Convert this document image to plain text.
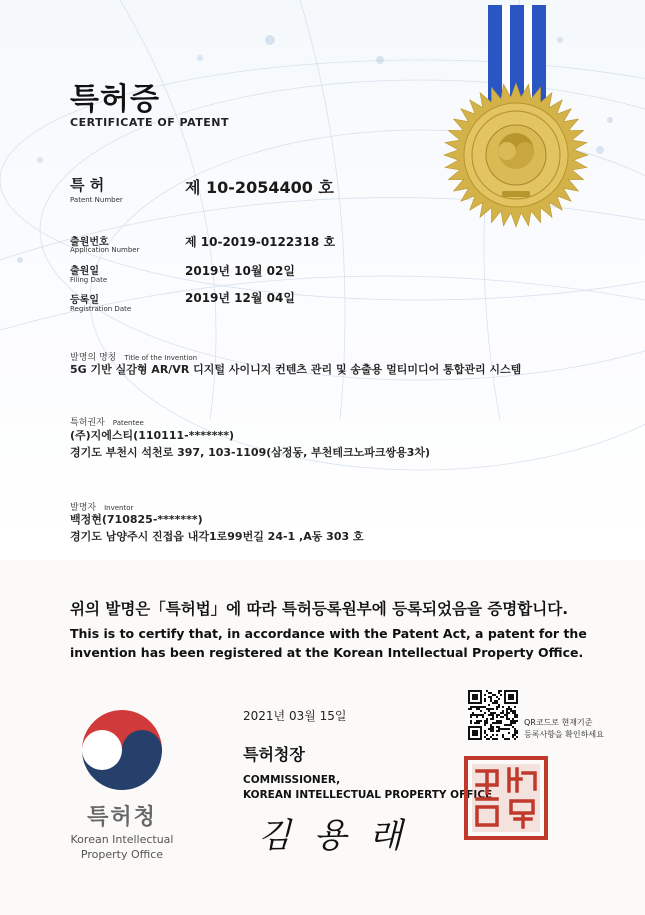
특허증
CERTIFICATE OF PATENT
특 허
Patent Number
제 10-2054400 호
출원번호
Application Number
제 10-2019-0122318 호
출원일
Filing Date
2019년 10월 02일
등록일
Registration Date
2019년 12월 04일
발명의 명칭 Title of the Invention
5G 기반 실감형 AR/VR 디지털 사이니지 컨텐츠 관리 및 송출용 멀티미디어 통합관리 시스템
특허권자 Patentee
(주)지에스티(110111-*******)
경기도 부천시 석천로 397, 103-1109(삼정동, 부천테크노파크쌍용3차)
발명자 Inventor
백정현(710825-*******)
경기도 남양주시 진접읍 내각1로99번길 24-1 ,A동 303 호
위의 발명은「특허법」에 따라 특허등록원부에 등록되었음을 증명합니다.
This is to certify that, in accordance with the Patent Act, a patent for the
invention has been registered at the Korean Intellectual Property Office.
2021년 03월 15일
특허청장
COMMISSIONER,
KOREAN INTELLECTUAL PROPERTY OFFICE
김 용 래
QR코드로 현재기준
등록사항을 확인하세요
특허청
Korean Intellectual
Property Office
